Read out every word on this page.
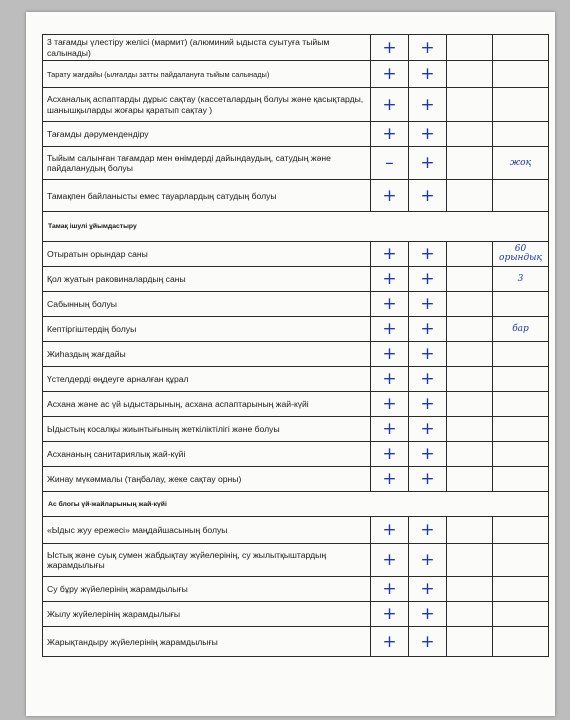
3 тағамды үлестіру желісі (мармит) (алюминий ыдыста суытуға тыйым салынады)	+	+		
Тарату жағдайы (ылғалды затты пайдалануға тыйым салынады)	+	+		
Асханалық аспаптарды дұрыс сақтау (кассеталардың болуы және қасықтарды, шанышқыларды жоғары қаратып сақтау )	+	+		
Тағамды дәрумендендіру	+	+		
Тыйым салынған тағамдар мен өнімдерді дайындаудың, сатудың және пайдаланудың болуы	–	+		жоқ
Тамақпен байланысты емес тауарлардың сатудың болуы	+	+		
Тамақ ішулі ұйымдастыру				
Отыратын орындар саны	+	+		60 орындық
Қол жуатын раковиналардың саны	+	+		3
Сабынның болуы	+	+		
Кептіргіштердің болуы	+	+		бар
Жиһаздың жағдайы	+	+		
Үстелдерді өңдеуге арналған құрал	+	+		
Асхана және ас үй ыдыстарының, асхана аспаптарының жай-күйі	+	+		
Ыдыстың косалқы жиынтығының жеткіліктілігі және болуы	+	+		
Асхананың санитариялық жай-күйі	+	+		
Жинау мүкәммалы (таңбалау, жеке сақтау орны)	+	+		
Ас блогы үй-жайларының жай-күйі				
«Ыдыс жуу ережесі» маңдайшасының болуы	+	+		
Ыстық және суық сумен жабдықтау жүйелерінің, су жылытқыштардың жарамдылығы	+	+		
Су бұру жүйелерінің жарамдылығы	+	+		
Жылу жүйелерінің жарамдылығы	+	+		
Жарықтандыру жүйелерінің жарамдылығы	+	+		
